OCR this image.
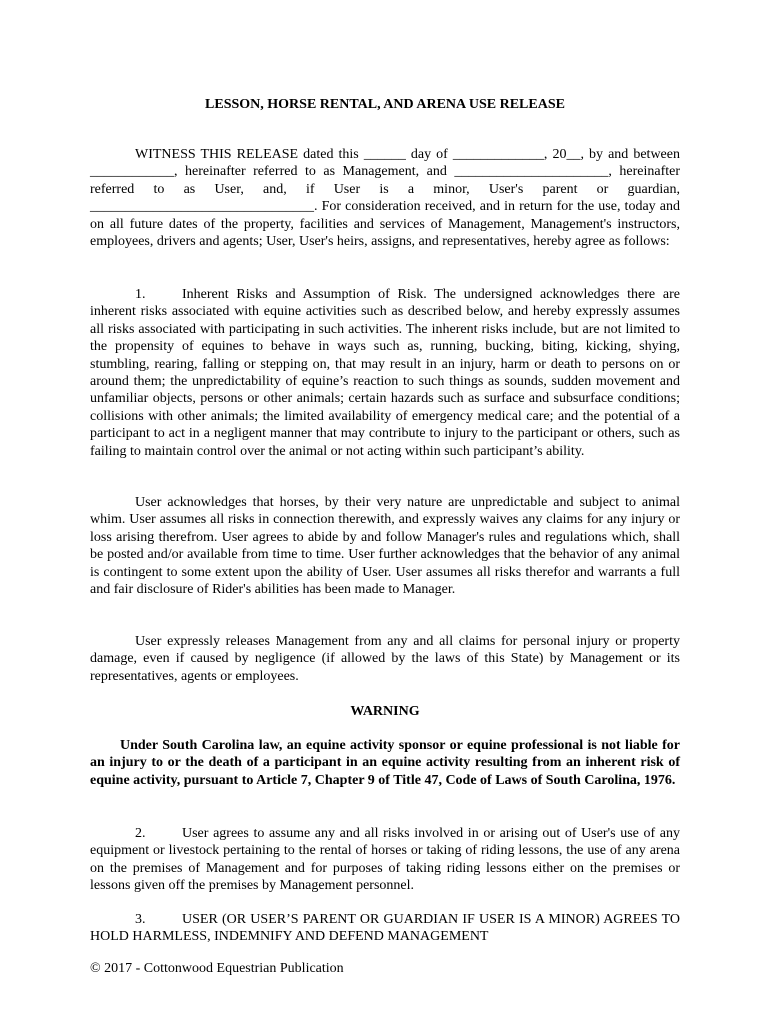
LESSON, HORSE RENTAL, AND ARENA USE RELEASE

WITNESS THIS RELEASE dated this ______ day of _____________, 20__, by and between ____________, hereinafter referred to as Management, and ______________________, hereinafter referred to as User, and, if User is a minor, User's parent or guardian, ________________________________. For consideration received, and in return for the use, today and on all future dates of the property, facilities and services of Management, Management's instructors, employees, drivers and agents; User, User's heirs, assigns, and representatives, hereby agree as follows:

1.	Inherent Risks and Assumption of Risk. The undersigned acknowledges there are inherent risks associated with equine activities such as described below, and hereby expressly assumes all risks associated with participating in such activities. The inherent risks include, but are not limited to the propensity of equines to behave in ways such as, running, bucking, biting, kicking, shying, stumbling, rearing, falling or stepping on, that may result in an injury, harm or death to persons on or around them; the unpredictability of equine’s reaction to such things as sounds, sudden movement and unfamiliar objects, persons or other animals; certain hazards such as surface and subsurface conditions; collisions with other animals; the limited availability of emergency medical care; and the potential of a participant to act in a negligent manner that may contribute to injury to the participant or others, such as failing to maintain control over the animal or not acting within such participant’s ability.

User acknowledges that horses, by their very nature are unpredictable and subject to animal whim. User assumes all risks in connection therewith, and expressly waives any claims for any injury or loss arising therefrom. User agrees to abide by and follow Manager's rules and regulations which, shall be posted and/or available from time to time. User further acknowledges that the behavior of any animal is contingent to some extent upon the ability of User. User assumes all risks therefor and warrants a full and fair disclosure of Rider's abilities has been made to Manager.

User expressly releases Management from any and all claims for personal injury or property damage, even if caused by negligence (if allowed by the laws of this State) by Management or its representatives, agents or employees.

WARNING

Under South Carolina law, an equine activity sponsor or equine professional is not liable for an injury to or the death of a participant in an equine activity resulting from an inherent risk of equine activity, pursuant to Article 7, Chapter 9 of Title 47, Code of Laws of South Carolina, 1976.

2.	User agrees to assume any and all risks involved in or arising out of User's use of any equipment or livestock pertaining to the rental of horses or taking of riding lessons, the use of any arena on the premises of Management and for purposes of taking riding lessons either on the premises or lessons given off the premises by Management personnel.

3.	USER (OR USER’S PARENT OR GUARDIAN IF USER IS A MINOR) AGREES TO HOLD HARMLESS, INDEMNIFY AND DEFEND MANAGEMENT

© 2017 - Cottonwood Equestrian Publication
